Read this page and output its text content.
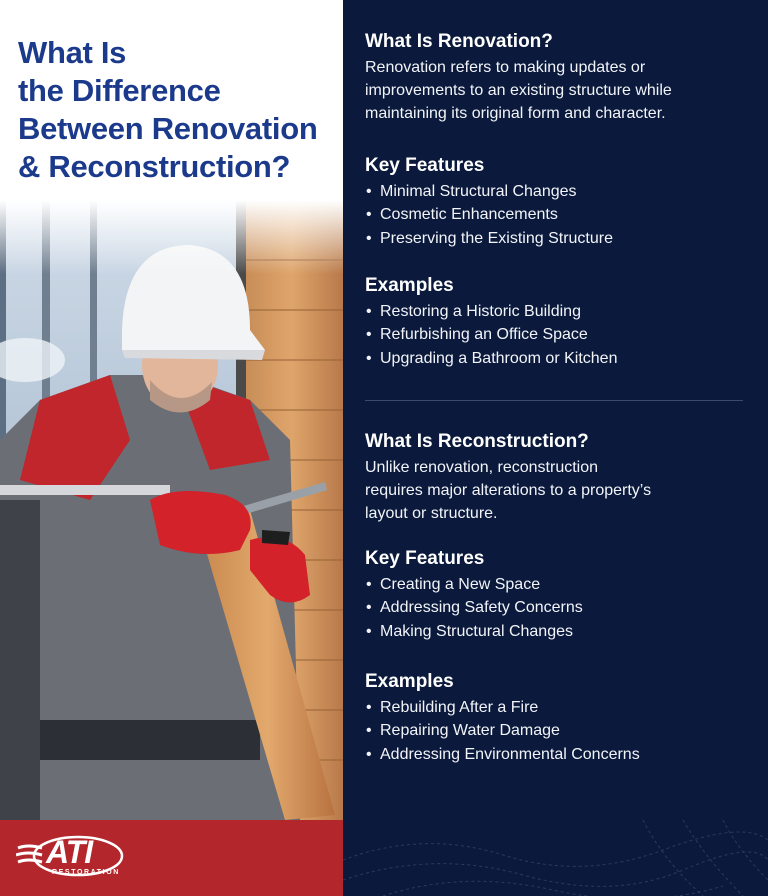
What Is
the Difference
Between Renovation
& Reconstruction?
What Is Renovation?
Renovation refers to making updates or
improvements to an existing structure while
maintaining its original form and character.
Key Features
• Minimal Structural Changes
• Cosmetic Enhancements
• Preserving the Existing Structure
Examples
• Restoring a Historic Building
• Refurbishing an Office Space
• Upgrading a Bathroom or Kitchen
What Is Reconstruction?
Unlike renovation, reconstruction
requires major alterations to a property’s
layout or structure.
Key Features
• Creating a New Space
• Addressing Safety Concerns
• Making Structural Changes
Examples
• Rebuilding After a Fire
• Repairing Water Damage
• Addressing Environmental Concerns
ATI
RESTORATION
